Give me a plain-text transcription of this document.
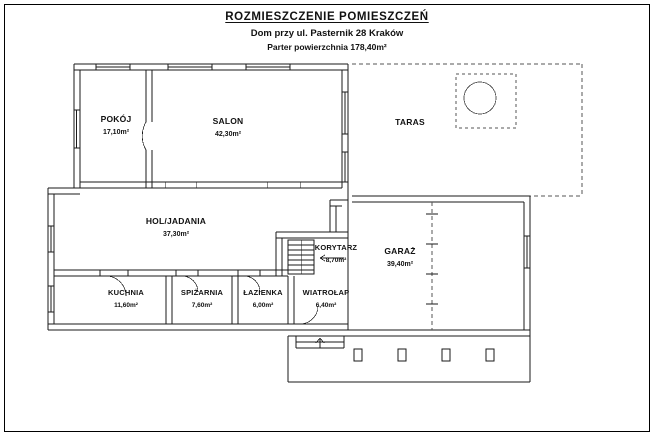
ROZMIESZCZENIE POMIESZCZEŃ
Dom przy ul. Pasternik 28 Kraków
Parter powierzchnia 178,40m²
POKÓJ
17,10m²
SALON
42,30m²
TARAS
HOL/JADANIA
37,30m²
KORYTARZ
8,70m²
GARAŻ
39,40m²
KUCHNIA
11,60m²
SPIŻARNIA
7,60m²
ŁAZIENKA
6,00m²
WIATROŁAP
6,40m²
